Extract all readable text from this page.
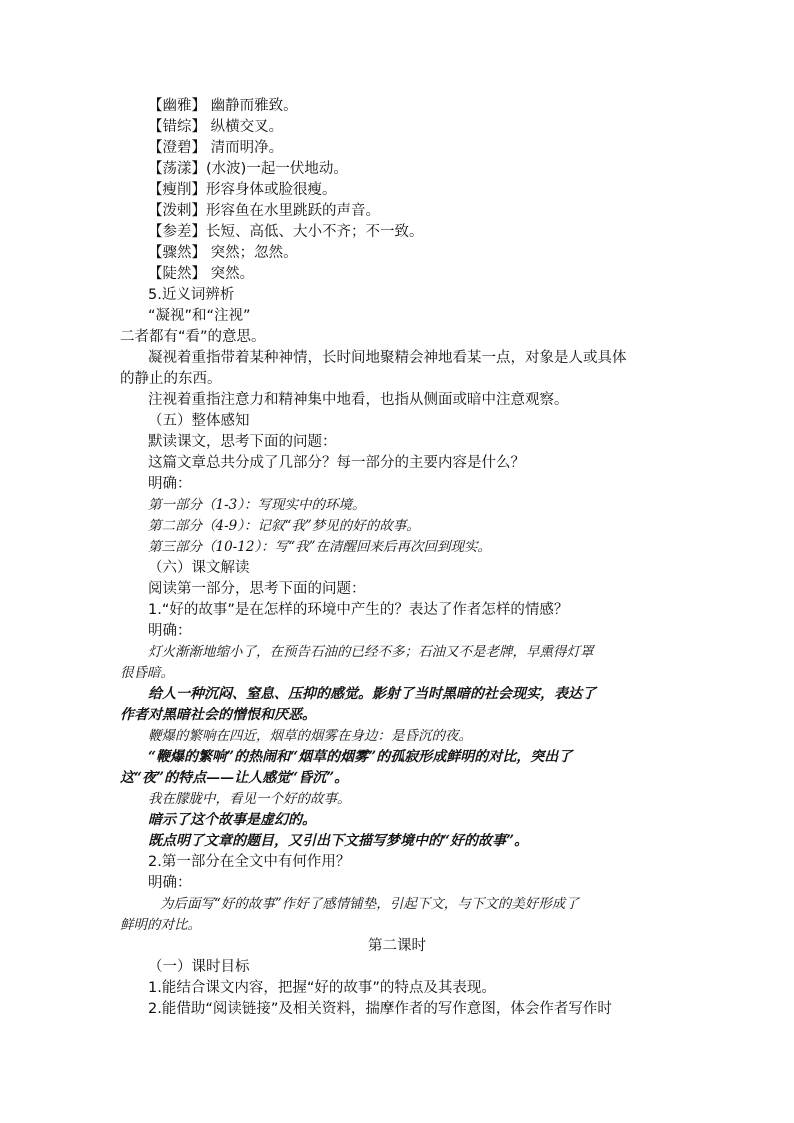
【幽雅】 幽静而雅致。
【错综】 纵横交叉。
【澄碧】 清而明净。
【荡漾】(水波)一起一伏地动。
【瘦削】形容身体或脸很瘦。
【泼剌】形容鱼在水里跳跃的声音。
【参差】长短、高低、大小不齐；不一致。
【骤然】 突然；忽然。
【陡然】 突然。
5.近义词辨析
“凝视”和“注视”
二者都有“看”的意思。
凝视着重指带着某种神情，长时间地聚精会神地看某一点，对象是人或具体
的静止的东西。
注视着重指注意力和精神集中地看，也指从侧面或暗中注意观察。
（五）整体感知
默读课文，思考下面的问题：
这篇文章总共分成了几部分？每一部分的主要内容是什么？
明确：
第一部分（1-3）：写现实中的环境。
第二部分（4-9）：记叙“我”梦见的好的故事。
第三部分（10-12）：写“我”在清醒回来后再次回到现实。
（六）课文解读
阅读第一部分，思考下面的问题：
1.“好的故事”是在怎样的环境中产生的？表达了作者怎样的情感？
明确：
灯火渐渐地缩小了，在预告石油的已经不多；石油又不是老牌，早熏得灯罩
很昏暗。
给人一种沉闷、窒息、压抑的感觉。影射了当时黑暗的社会现实，表达了
作者对黑暗社会的憎恨和厌恶。
鞭爆的繁响在四近，烟草的烟雾在身边：是昏沉的夜。
“鞭爆的繁响”的热闹和“烟草的烟雾”的孤寂形成鲜明的对比，突出了
这“夜”的特点——让人感觉“昏沉”。
我在朦胧中，看见一个好的故事。
暗示了这个故事是虚幻的。
既点明了文章的题目，又引出下文描写梦境中的“好的故事”。
2.第一部分在全文中有何作用？
明确：
为后面写“好的故事”作好了感情铺垫，引起下文，与下文的美好形成了
鲜明的对比。
第二课时
（一）课时目标
1.能结合课文内容，把握“好的故事”的特点及其表现。
2.能借助“阅读链接”及相关资料，揣摩作者的写作意图，体会作者写作时
